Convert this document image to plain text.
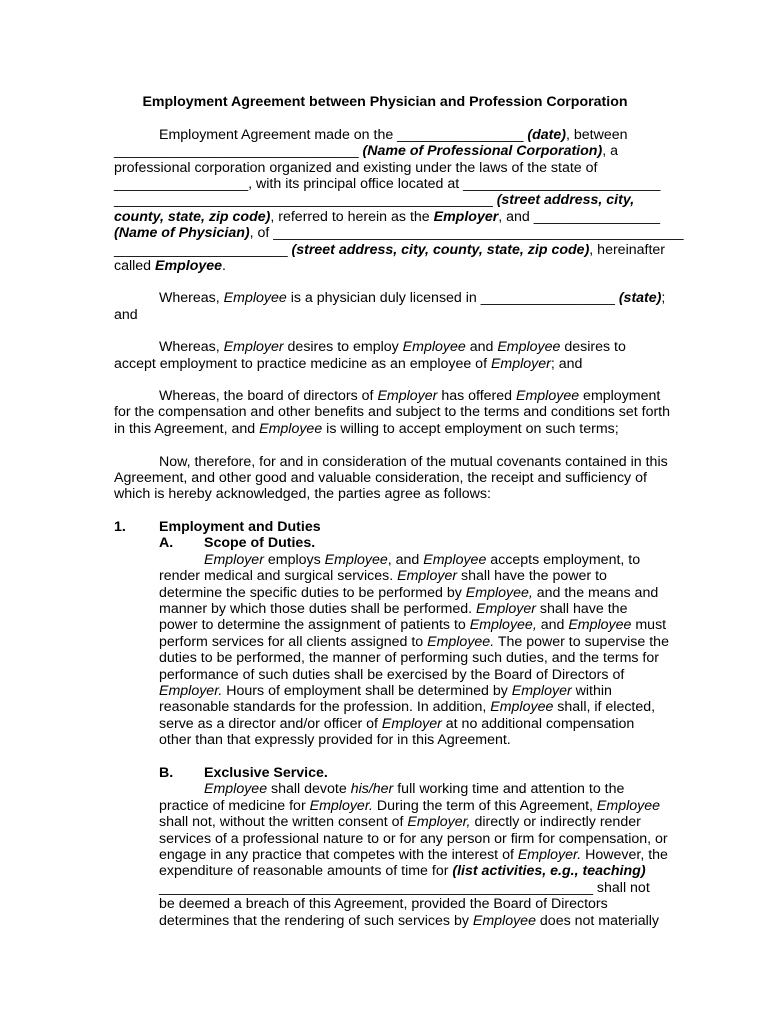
Employment Agreement between Physician and Profession Corporation
Employment Agreement made on the ________________ (date), between
_______________________________ (Name of Professional Corporation), a
professional corporation organized and existing under the laws of the state of
_________________, with its principal office located at _________________________
________________________________________________ (street address, city,
county, state, zip code), referred to herein as the Employer, and ________________
(Name of Physician), of ____________________________________________________
______________________ (street address, city, county, state, zip code), hereinafter
called Employee.
Whereas, Employee is a physician duly licensed in _________________ (state);
and
Whereas, Employer desires to employ Employee and Employee desires to
accept employment to practice medicine as an employee of Employer; and
Whereas, the board of directors of Employer has offered Employee employment
for the compensation and other benefits and subject to the terms and conditions set forth
in this Agreement, and Employee is willing to accept employment on such terms;
Now, therefore, for and in consideration of the mutual covenants contained in this
Agreement, and other good and valuable consideration, the receipt and sufficiency of
which is hereby acknowledged, the parties agree as follows:
1. Employment and Duties
A. Scope of Duties.
Employer employs Employee, and Employee accepts employment, to
render medical and surgical services. Employer shall have the power to
determine the specific duties to be performed by Employee, and the means and
manner by which those duties shall be performed. Employer shall have the
power to determine the assignment of patients to Employee, and Employee must
perform services for all clients assigned to Employee. The power to supervise the
duties to be performed, the manner of performing such duties, and the terms for
performance of such duties shall be exercised by the Board of Directors of
Employer. Hours of employment shall be determined by Employer within
reasonable standards for the profession. In addition, Employee shall, if elected,
serve as a director and/or officer of Employer at no additional compensation
other than that expressly provided for in this Agreement.
B. Exclusive Service.
Employee shall devote his/her full working time and attention to the
practice of medicine for Employer. During the term of this Agreement, Employee
shall not, without the written consent of Employer, directly or indirectly render
services of a professional nature to or for any person or firm for compensation, or
engage in any practice that competes with the interest of Employer. However, the
expenditure of reasonable amounts of time for (list activities, e.g., teaching)
_______________________________________________________ shall not
be deemed a breach of this Agreement, provided the Board of Directors
determines that the rendering of such services by Employee does not materially
